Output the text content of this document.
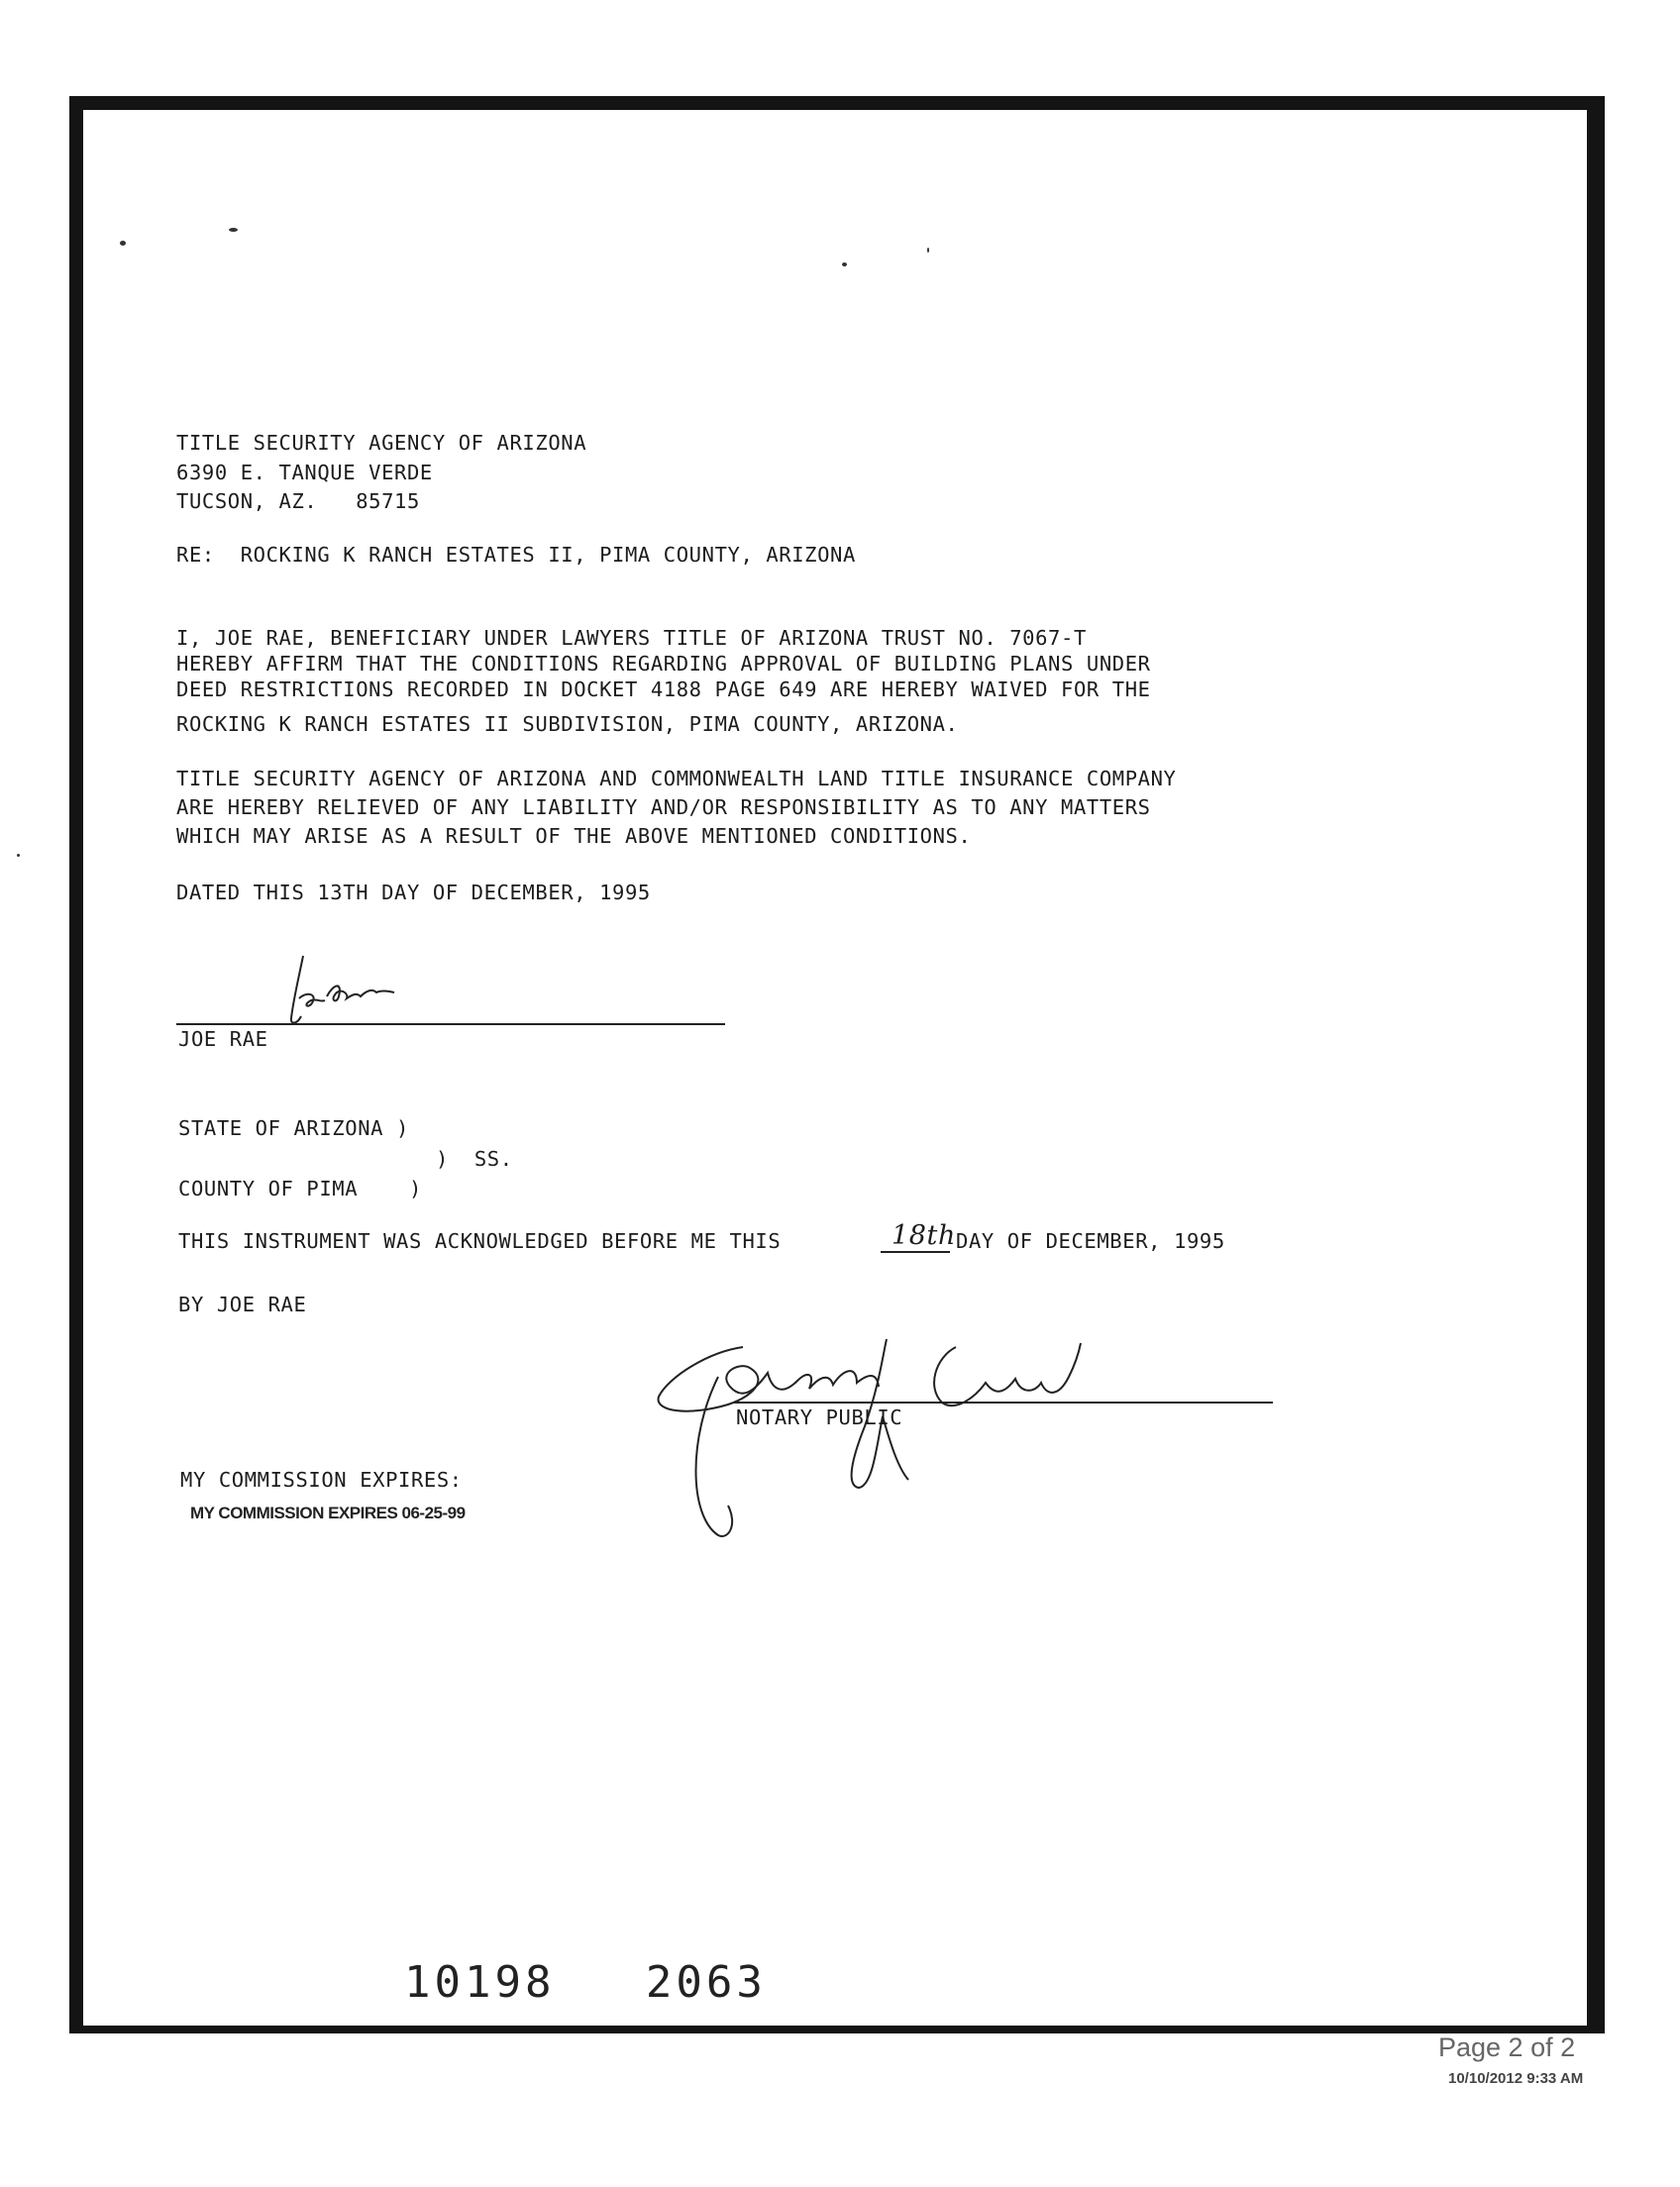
TITLE SECURITY AGENCY OF ARIZONA
6390 E. TANQUE VERDE
TUCSON, AZ.   85715
RE:  ROCKING K RANCH ESTATES II, PIMA COUNTY, ARIZONA
I, JOE RAE, BENEFICIARY UNDER LAWYERS TITLE OF ARIZONA TRUST NO. 7067-T
HEREBY AFFIRM THAT THE CONDITIONS REGARDING APPROVAL OF BUILDING PLANS UNDER
DEED RESTRICTIONS RECORDED IN DOCKET 4188 PAGE 649 ARE HEREBY WAIVED FOR THE
ROCKING K RANCH ESTATES II SUBDIVISION, PIMA COUNTY, ARIZONA.
TITLE SECURITY AGENCY OF ARIZONA AND COMMONWEALTH LAND TITLE INSURANCE COMPANY
ARE HEREBY RELIEVED OF ANY LIABILITY AND/OR RESPONSIBILITY AS TO ANY MATTERS
WHICH MAY ARISE AS A RESULT OF THE ABOVE MENTIONED CONDITIONS.
DATED THIS 13TH DAY OF DECEMBER, 1995
JOE RAE
STATE OF ARIZONA )
)  SS.
COUNTY OF PIMA    )
THIS INSTRUMENT WAS ACKNOWLEDGED BEFORE ME THIS	18th DAY OF DECEMBER, 1995
BY JOE RAE
NOTARY PUBLIC
MY COMMISSION EXPIRES:
MY COMMISSION EXPIRES 06-25-99
10198   2063
Page 2 of 2
10/10/2012 9:33 AM
